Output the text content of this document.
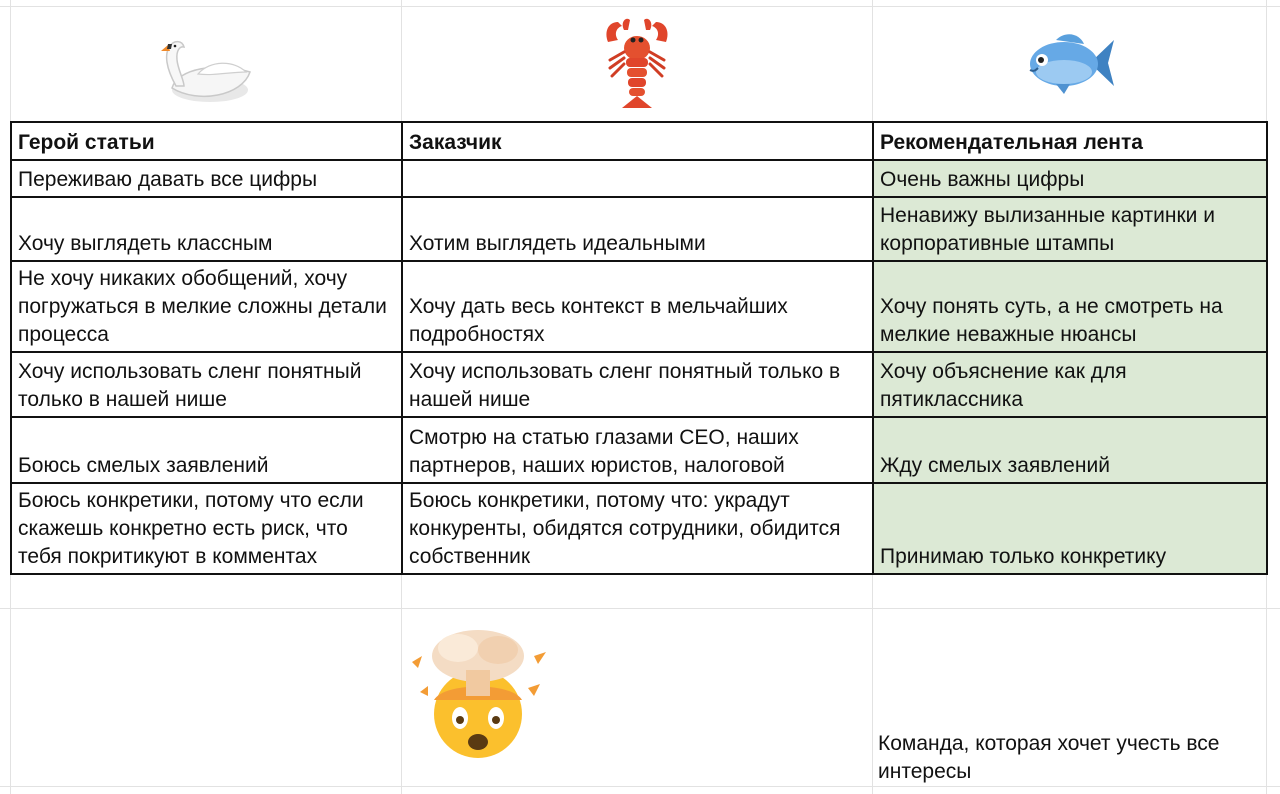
Герой статьи	Заказчик	Рекомендательная лента
Переживаю давать все цифры		Очень важны цифры
Хочу выглядеть классным	Хотим выглядеть идеальными	Ненавижу вылизанные картинки и корпоративные штампы
Не хочу никаких обобщений, хочу погружаться в мелкие сложны детали процесса	Хочу дать весь контекст в мельчайших подробностях	Хочу понять суть, а не смотреть на мелкие неважные нюансы
Хочу использовать сленг понятный только в нашей нише	Хочу использовать сленг понятный только в нашей нише	Хочу объяснение как для пятиклассника
Боюсь смелых заявлений	Смотрю на статью глазами CEO, наших партнеров, наших юристов, налоговой	Жду смелых заявлений
Боюсь конкретики, потому что если скажешь конкретно есть риск, что тебя покритикуют в комментах	Боюсь конкретики, потому что: украдут конкуренты, обидятся сотрудники, обидится собственник	Принимаю только конкретику
Команда, которая хочет учесть все интересы
